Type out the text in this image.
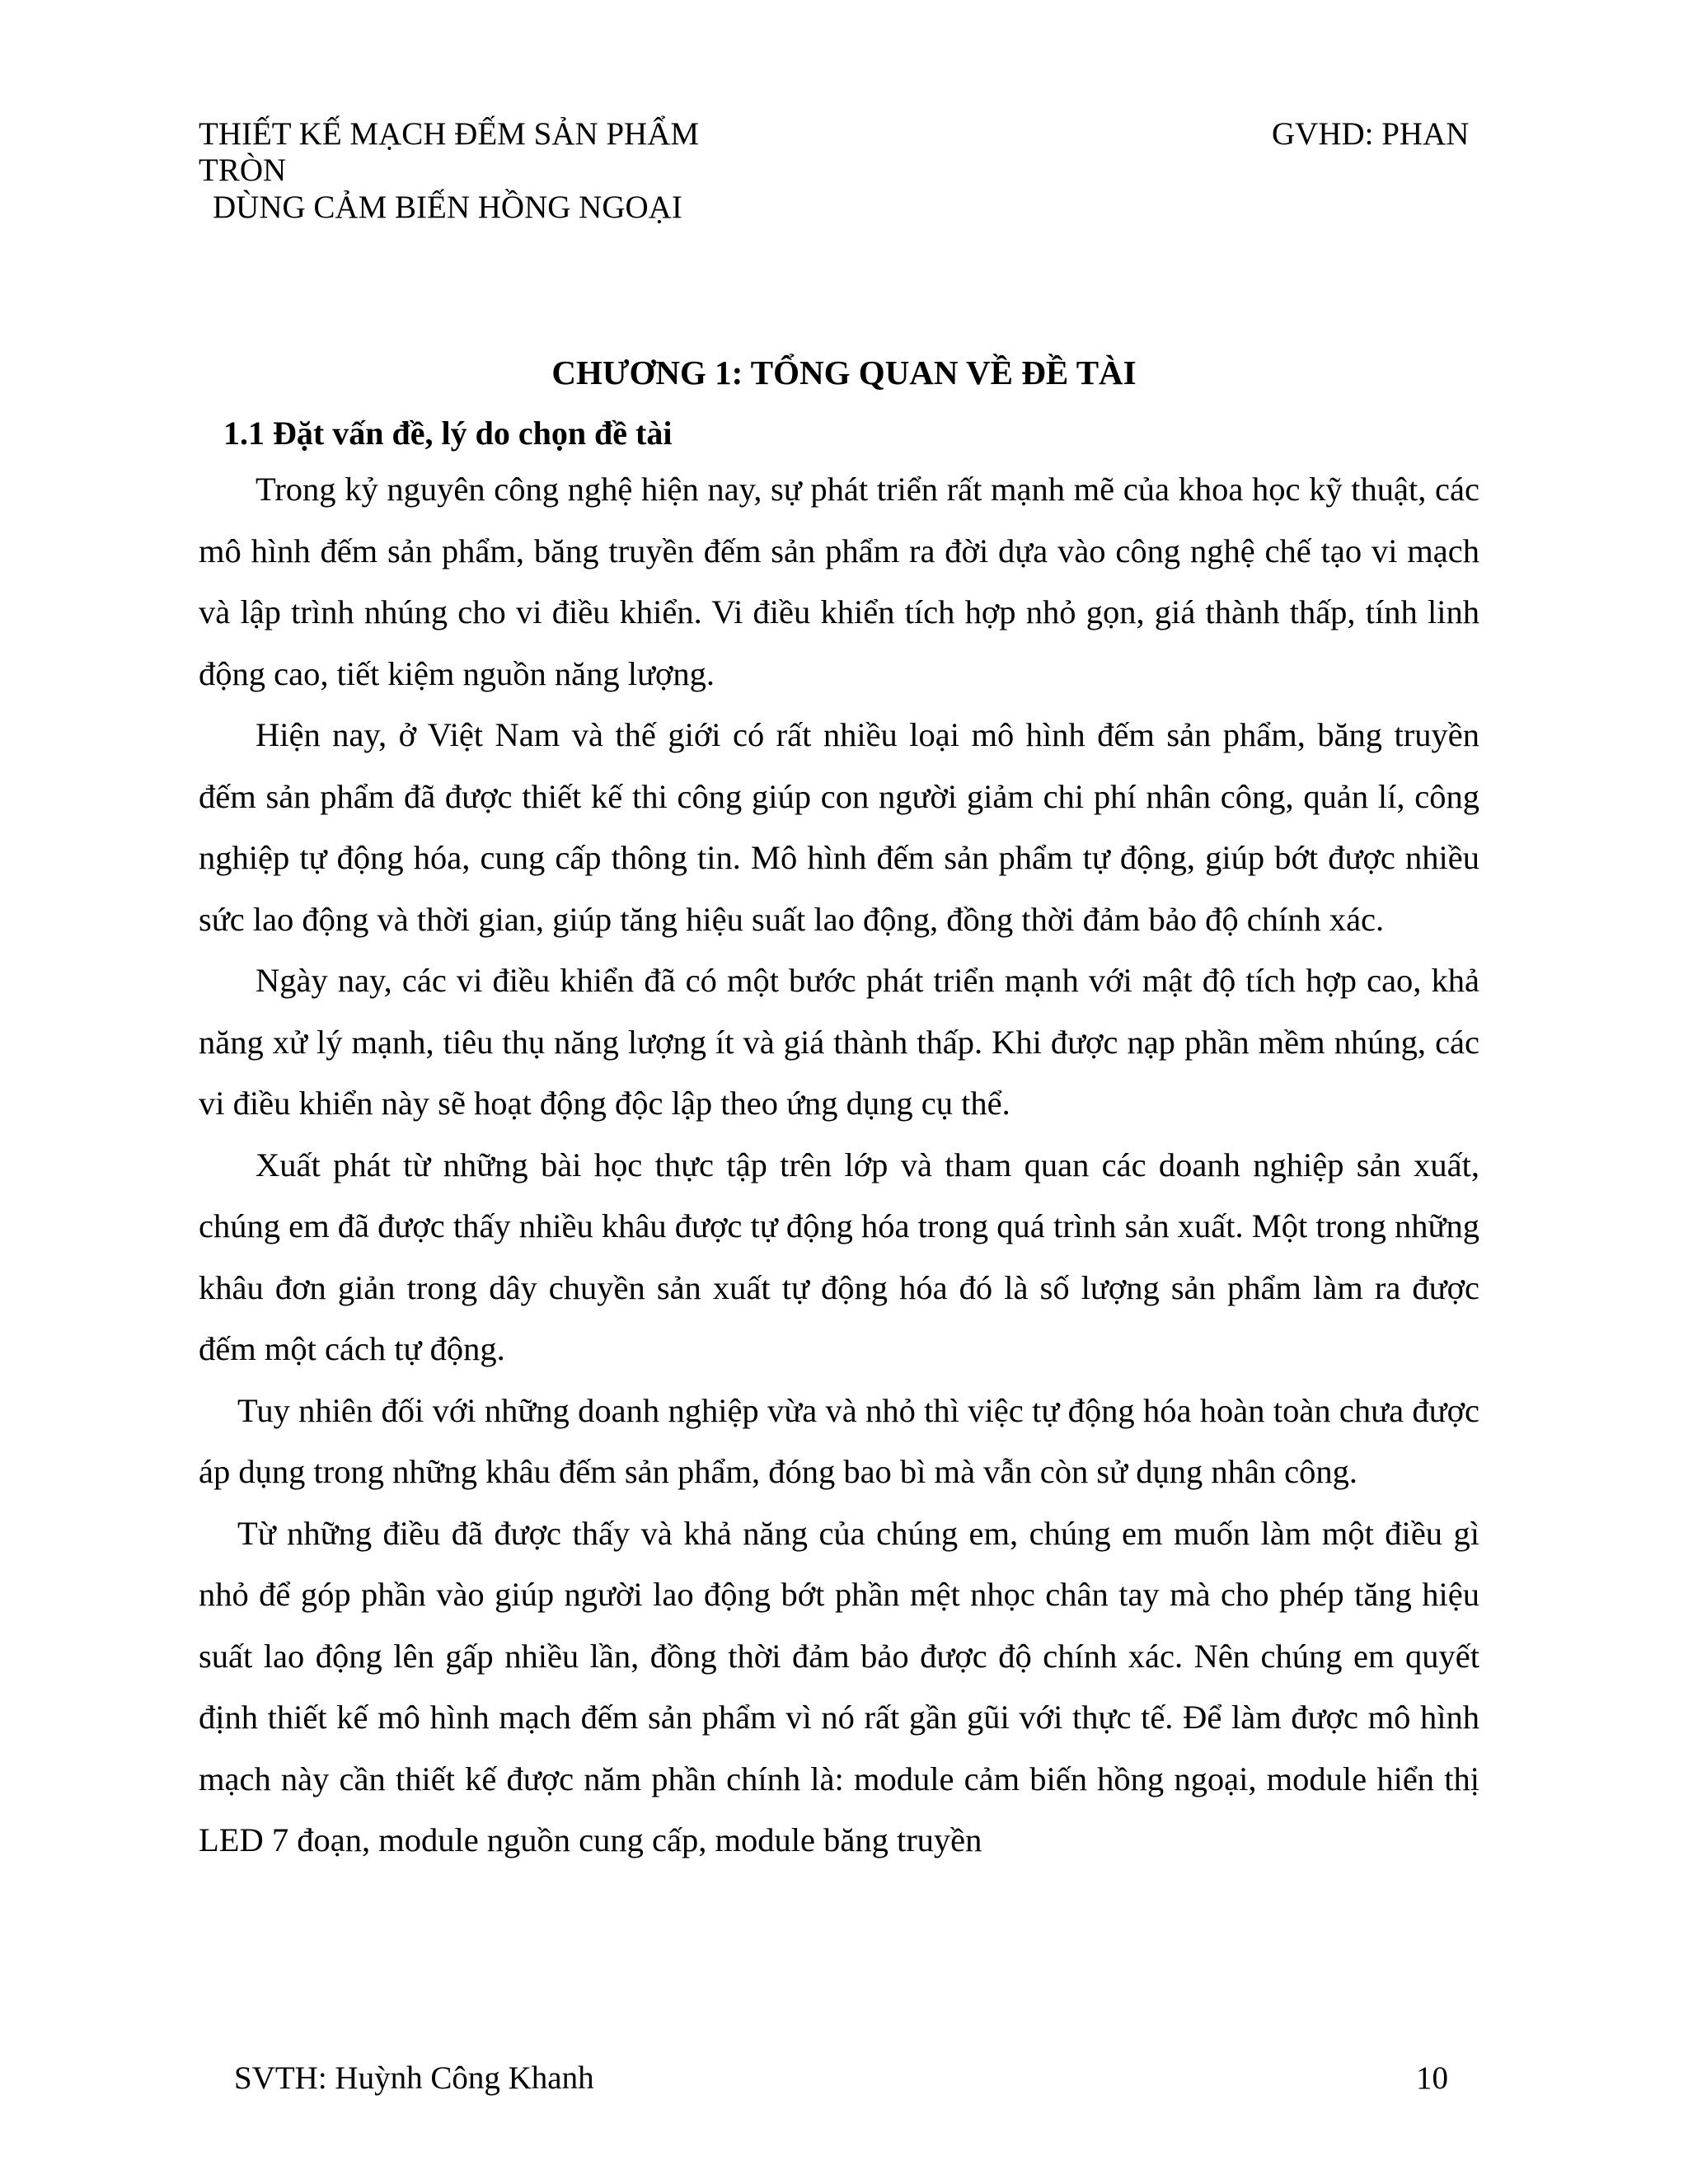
THIẾT KẾ MẠCH ĐẾM SẢN PHẨM
TRÒN
DÙNG CẢM BIẾN HỒNG NGOẠI
GVHD: PHAN
CHƯƠNG 1: TỔNG QUAN VỀ ĐỀ TÀI
1.1 Đặt vấn đề, lý do chọn đề tài

Trong kỷ nguyên công nghệ hiện nay, sự phát triển rất mạnh mẽ của khoa học kỹ thuật, các mô hình đếm sản phẩm, băng truyền đếm sản phẩm ra đời dựa vào công nghệ chế tạo vi mạch và lập trình nhúng cho vi điều khiển. Vi điều khiển tích hợp nhỏ gọn, giá thành thấp, tính linh động cao, tiết kiệm nguồn năng lượng.

Hiện nay, ở Việt Nam và thế giới có rất nhiều loại mô hình đếm sản phẩm, băng truyền đếm sản phẩm đã được thiết kế thi công giúp con người giảm chi phí nhân công, quản lí, công nghiệp tự động hóa, cung cấp thông tin. Mô hình đếm sản phẩm tự động, giúp bớt được nhiều sức lao động và thời gian, giúp tăng hiệu suất lao động, đồng thời đảm bảo độ chính xác.

Ngày nay, các vi điều khiển đã có một bước phát triển mạnh với mật độ tích hợp cao, khả năng xử lý mạnh, tiêu thụ năng lượng ít và giá thành thấp. Khi được nạp phần mềm nhúng, các vi điều khiển này sẽ hoạt động độc lập theo ứng dụng cụ thể.

Xuất phát từ những bài học thực tập trên lớp và tham quan các doanh nghiệp sản xuất, chúng em đã được thấy nhiều khâu được tự động hóa trong quá trình sản xuất. Một trong những khâu đơn giản trong dây chuyền sản xuất tự động hóa đó là số lượng sản phẩm làm ra được đếm một cách tự động.

Tuy nhiên đối với những doanh nghiệp vừa và nhỏ thì việc tự động hóa hoàn toàn chưa được áp dụng trong những khâu đếm sản phẩm, đóng bao bì mà vẫn còn sử dụng nhân công.

Từ những điều đã được thấy và khả năng của chúng em, chúng em muốn làm một điều gì nhỏ để góp phần vào giúp người lao động bớt phần mệt nhọc chân tay mà cho phép tăng hiệu suất lao động lên gấp nhiều lần, đồng thời đảm bảo được độ chính xác. Nên chúng em quyết định thiết kế mô hình mạch đếm sản phẩm vì nó rất gần gũi với thực tế. Để làm được mô hình mạch này cần thiết kế được năm phần chính là: module cảm biến hồng ngoại, module hiển thị LED 7 đoạn, module nguồn cung cấp, module băng truyền

SVTH: Huỳnh Công Khanh	10
